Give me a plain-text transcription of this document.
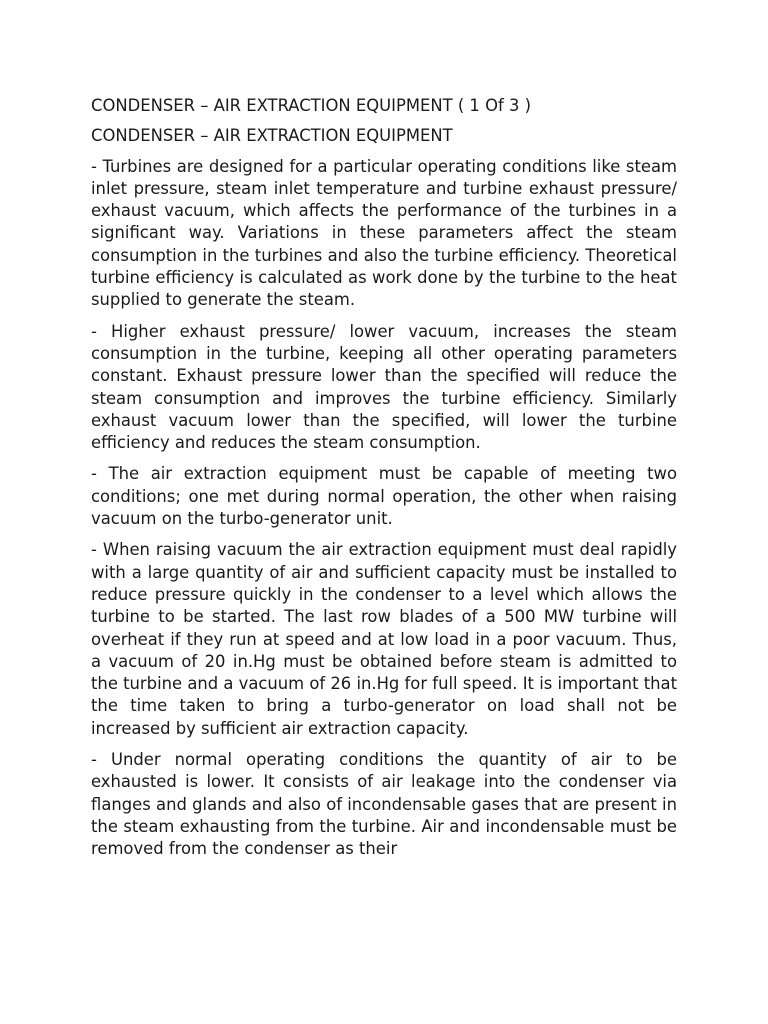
CONDENSER – AIR EXTRACTION EQUIPMENT ( 1 Of 3 )
CONDENSER – AIR EXTRACTION EQUIPMENT

- Turbines are designed for a particular operating conditions like steam inlet pressure, steam inlet temperature and turbine exhaust pressure/ exhaust vacuum, which affects the performance of the turbines in a significant way. Variations in these parameters affect the steam consumption in the turbines and also the turbine efficiency. Theoretical turbine efficiency is calculated as work done by the turbine to the heat supplied to generate the steam.

- Higher exhaust pressure/ lower vacuum, increases the steam consumption in the turbine, keeping all other operating parameters constant. Exhaust pressure lower than the specified will reduce the steam consumption and improves the turbine efficiency. Similarly exhaust vacuum lower than the specified, will lower the turbine efficiency and reduces the steam consumption.

- The air extraction equipment must be capable of meeting two conditions; one met during normal operation, the other when raising vacuum on the turbo-generator unit.

- When raising vacuum the air extraction equipment must deal rapidly with a large quantity of air and sufficient capacity must be installed to reduce pressure quickly in the condenser to a level which allows the turbine to be started. The last row blades of a 500 MW turbine will overheat if they run at speed and at low load in a poor vacuum. Thus, a vacuum of 20 in.Hg must be obtained before steam is admitted to the turbine and a vacuum of 26 in.Hg for full speed. It is important that the time taken to bring a turbo-generator on load shall not be increased by sufficient air extraction capacity.

- Under normal operating conditions the quantity of air to be exhausted is lower. It consists of air leakage into the condenser via flanges and glands and also of incondensable gases that are present in the steam exhausting from the turbine. Air and incondensable must be removed from the condenser as their
